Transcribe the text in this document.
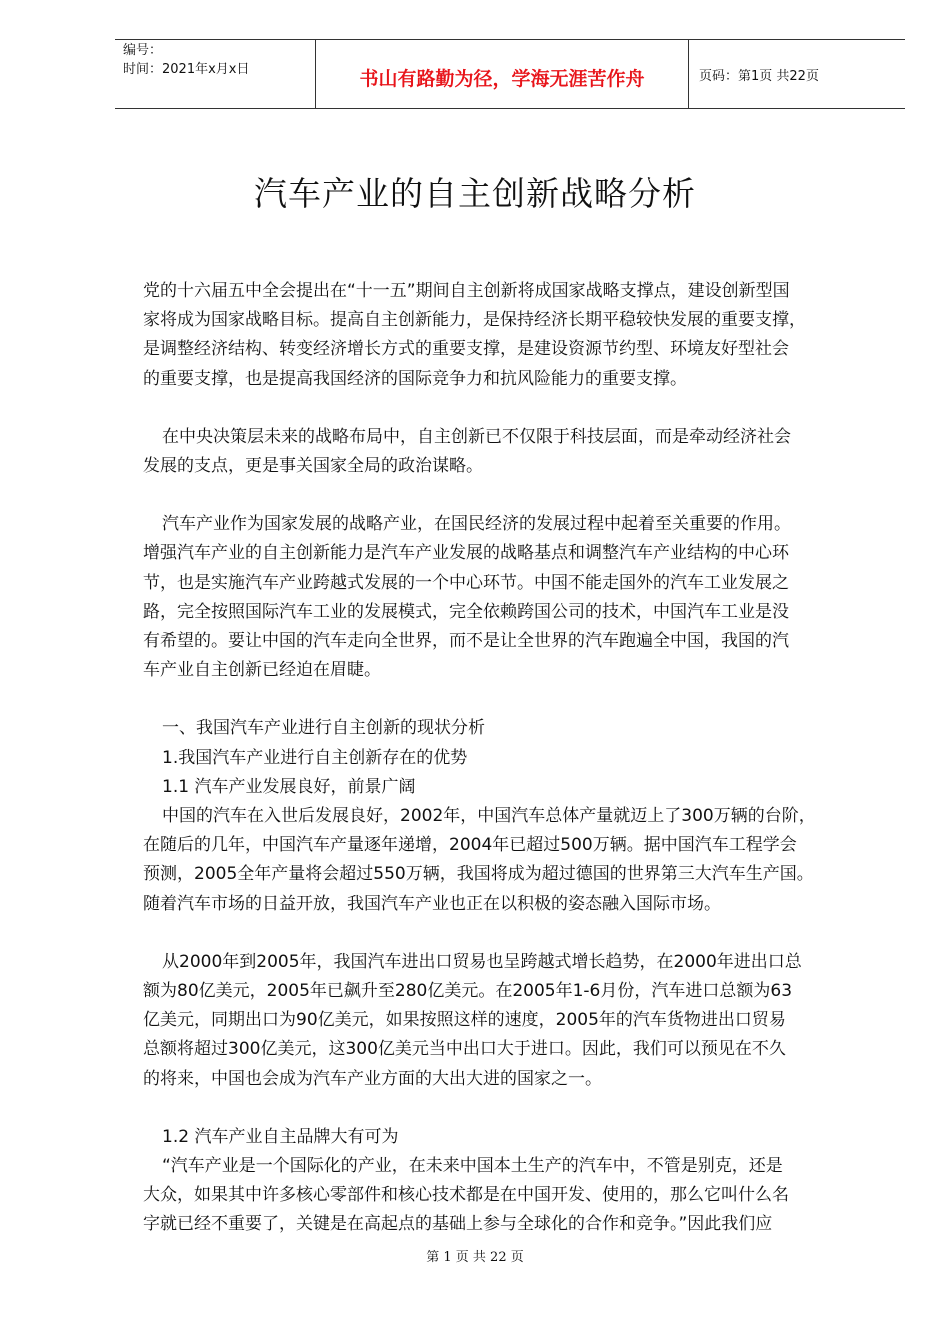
编号：
时间：2021年x月x日	书山有路勤为径，学海无涯苦作舟	页码：第1页 共22页
汽车产业的自主创新战略分析

党的十六届五中全会提出在“十一五”期间自主创新将成国家战略支撑点，建设创新型国
家将成为国家战略目标。提高自主创新能力，是保持经济长期平稳较快发展的重要支撑，
是调整经济结构、转变经济增长方式的重要支撑，是建设资源节约型、环境友好型社会
的重要支撑，也是提高我国经济的国际竞争力和抗风险能力的重要支撑。

在中央决策层未来的战略布局中，自主创新已不仅限于科技层面，而是牵动经济社会
发展的支点，更是事关国家全局的政治谋略。

汽车产业作为国家发展的战略产业，在国民经济的发展过程中起着至关重要的作用。
增强汽车产业的自主创新能力是汽车产业发展的战略基点和调整汽车产业结构的中心环
节，也是实施汽车产业跨越式发展的一个中心环节。中国不能走国外的汽车工业发展之
路，完全按照国际汽车工业的发展模式，完全依赖跨国公司的技术，中国汽车工业是没
有希望的。要让中国的汽车走向全世界，而不是让全世界的汽车跑遍全中国，我国的汽
车产业自主创新已经迫在眉睫。

一、我国汽车产业进行自主创新的现状分析
1.我国汽车产业进行自主创新存在的优势
1.1 汽车产业发展良好，前景广阔
中国的汽车在入世后发展良好，2002年，中国汽车总体产量就迈上了300万辆的台阶，
在随后的几年，中国汽车产量逐年递增，2004年已超过500万辆。据中国汽车工程学会
预测，2005全年产量将会超过550万辆，我国将成为超过德国的世界第三大汽车生产国。
随着汽车市场的日益开放，我国汽车产业也正在以积极的姿态融入国际市场。

从2000年到2005年，我国汽车进出口贸易也呈跨越式增长趋势，在2000年进出口总
额为80亿美元，2005年已飙升至280亿美元。在2005年1-6月份，汽车进口总额为63
亿美元，同期出口为90亿美元，如果按照这样的速度，2005年的汽车货物进出口贸易
总额将超过300亿美元，这300亿美元当中出口大于进口。因此，我们可以预见在不久
的将来，中国也会成为汽车产业方面的大出大进的国家之一。

1.2 汽车产业自主品牌大有可为
“汽车产业是一个国际化的产业，在未来中国本土生产的汽车中，不管是别克，还是
大众，如果其中许多核心零部件和核心技术都是在中国开发、使用的，那么它叫什么名
字就已经不重要了，关键是在高起点的基础上参与全球化的合作和竞争。”因此我们应

第 1 页 共 22 页
